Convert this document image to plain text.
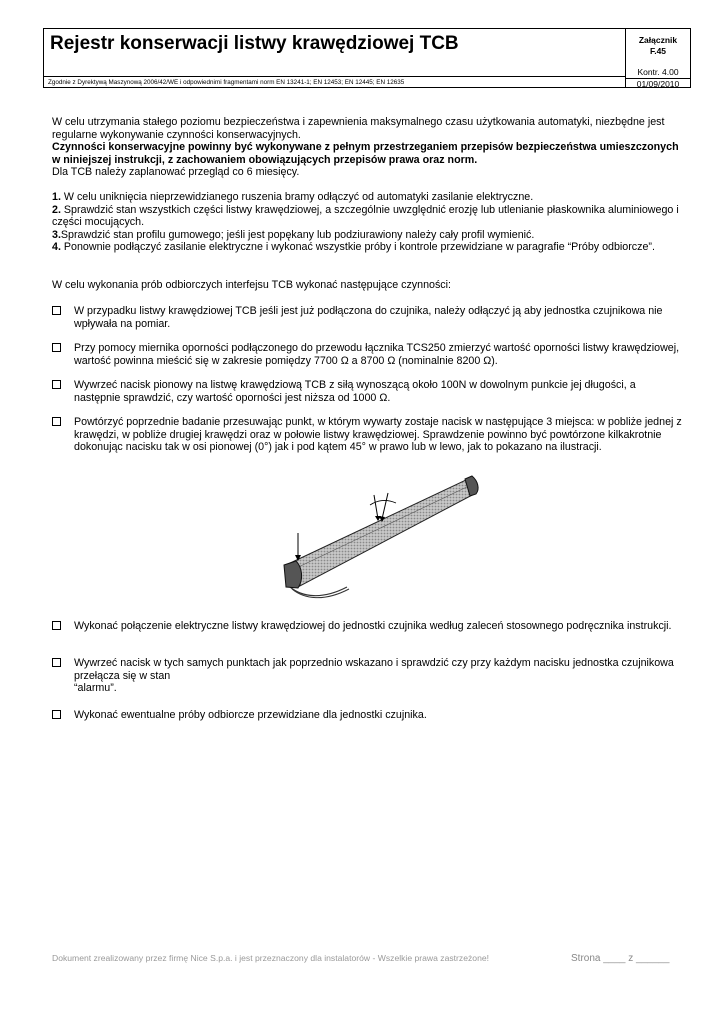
Rejestr konserwacji listwy krawędziowej TCB
Zgodnie z Dyrektywą Maszynową 2006/42/WE i odpowiednimi fragmentami norm EN 13241-1; EN 12453; EN 12445; EN 12635
Załącznik
F.45
Kontr. 4.00
01/09/2010

W celu utrzymania stałego poziomu bezpieczeństwa i zapewnienia maksymalnego czasu użytkowania automatyki, niezbędne jest regularne wykonywanie czynności konserwacyjnych.

Czynności konserwacyjne powinny być wykonywane z pełnym przestrzeganiem przepisów bezpieczeństwa umieszczonych w niniejszej instrukcji, z zachowaniem obowiązujących przepisów prawa oraz norm.

Dla TCB należy zaplanować przegląd co 6 miesięcy.

1. W celu uniknięcia nieprzewidzianego ruszenia bramy odłączyć od automatyki zasilanie elektryczne.

2. Sprawdzić stan wszystkich części listwy krawędziowej, a szczególnie uwzględnić erozję lub utlenianie płaskownika aluminiowego i części mocujących.

3.Sprawdzić stan profilu gumowego; jeśli jest popękany lub podziurawiony należy cały profil wymienić.

4. Ponownie podłączyć zasilanie elektryczne i wykonać wszystkie próby i kontrole przewidziane w paragrafie “Próby odbiorcze”.

W celu wykonania prób odbiorczych interfejsu TCB wykonać następujące czynności:
W przypadku listwy krawędziowej TCB jeśli jest już podłączona do czujnika, należy odłączyć ją aby jednostka czujnikowa nie wpływała na pomiar.
Przy pomocy miernika oporności podłączonego do przewodu łącznika TCS250 zmierzyć wartość oporności listwy krawędziowej, wartość powinna mieścić się w zakresie pomiędzy 7700 Ω a 8700 Ω (nominalnie 8200 Ω).
Wywrzeć nacisk pionowy na listwę krawędziową TCB z siłą wynoszącą około 100N w dowolnym punkcie jej długości, a następnie sprawdzić, czy wartość oporności jest niższa od 1000 Ω.
Powtórzyć poprzednie badanie przesuwając punkt, w którym wywarty zostaje nacisk w następujące 3 miejsca: w pobliże jednej z krawędzi, w pobliże drugiej krawędzi oraz w połowie listwy krawędziowej. Sprawdzenie powinno być powtórzone kilkakrotnie dokonując nacisku tak w osi pionowej (0°) jak i pod kątem 45° w prawo lub w lewo, jak to pokazano na ilustracji.
Wykonać połączenie elektryczne listwy krawędziowej do jednostki czujnika według zaleceń stosownego podręcznika instrukcji.
Wywrzeć nacisk w tych samych punktach jak poprzednio wskazano i sprawdzić czy przy każdym nacisku jednostka czujnikowa przełącza się w stan
“alarmu”.
Wykonać ewentualne próby odbiorcze przewidziane dla jednostki czujnika.
Dokument zrealizowany przez firmę Nice S.p.a. i jest przeznaczony dla instalatorów - Wszelkie prawa zastrzeżone!	Strona ____ z ______
